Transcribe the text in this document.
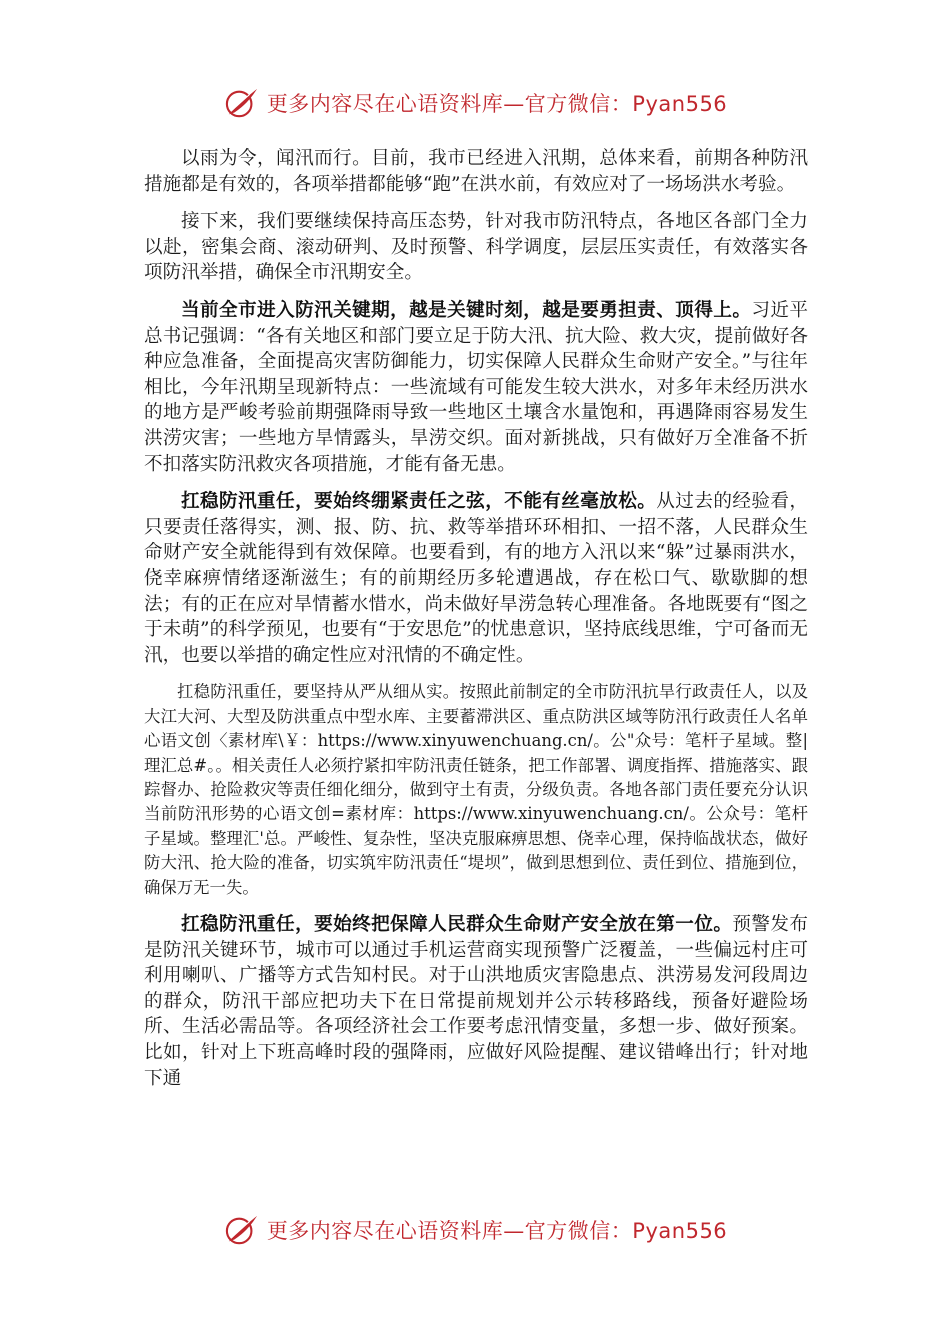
更多内容尽在心语资料库—官方微信：Pyan556

以雨为令，闻汛而行。目前，我市已经进入汛期，总体来看，前期各种防汛措施都是有效的，各项举措都能够“跑”在洪水前，有效应对了一场场洪水考验。

接下来，我们要继续保持高压态势，针对我市防汛特点，各地区各部门全力以赴，密集会商、滚动研判、及时预警、科学调度，层层压实责任，有效落实各项防汛举措，确保全市汛期安全。

当前全市进入防汛关键期，越是关键时刻，越是要勇担责、顶得上。习近平总书记强调：“各有关地区和部门要立足于防大汛、抗大险、救大灾，提前做好各种应急准备，全面提高灾害防御能力，切实保障人民群众生命财产安全。”与往年相比，今年汛期呈现新特点：一些流域有可能发生较大洪水，对多年未经历洪水的地方是严峻考验前期强降雨导致一些地区土壤含水量饱和，再遇降雨容易发生洪涝灾害；一些地方旱情露头，旱涝交织。面对新挑战，只有做好万全准备不折不扣落实防汛救灾各项措施，才能有备无患。

扛稳防汛重任，要始终绷紧责任之弦，不能有丝毫放松。从过去的经验看，只要责任落得实，测、报、防、抗、救等举措环环相扣、一招不落，人民群众生命财产安全就能得到有效保障。也要看到，有的地方入汛以来“躲”过暴雨洪水，侥幸麻痹情绪逐渐滋生；有的前期经历多轮遭遇战，存在松口气、歇歇脚的想法；有的正在应对旱情蓄水惜水，尚未做好旱涝急转心理准备。各地既要有“图之于未萌”的科学预见，也要有“于安思危”的忧患意识，坚持底线思维，宁可备而无汛，也要以举措的确定性应对汛情的不确定性。

扛稳防汛重任，要坚持从严从细从实。按照此前制定的全市防汛抗旱行政责任人，以及大江大河、大型及防洪重点中型水库、主要蓄滞洪区、重点防洪区域等防汛行政责任人名单心语文创〈素材库\￥：https://www.xinyuwenchuang.cn/。公"众号：笔杆子星域。整|理汇总#。。相关责任人必须拧紧扣牢防汛责任链条，把工作部署、调度指挥、措施落实、跟踪督办、抢险救灾等责任细化细分，做到守土有责，分级负责。各地各部门责任要充分认识当前防汛形势的心语文创=素材库：https://www.xinyuwenchuang.cn/。公众号：笔杆子星域。整理汇'总。严峻性、复杂性，坚决克服麻痹思想、侥幸心理，保持临战状态，做好防大汛、抢大险的准备，切实筑牢防汛责任“堤坝”，做到思想到位、责任到位、措施到位，确保万无一失。

扛稳防汛重任，要始终把保障人民群众生命财产安全放在第一位。预警发布是防汛关键环节，城市可以通过手机运营商实现预警广泛覆盖，一些偏远村庄可利用喇叭、广播等方式告知村民。对于山洪地质灾害隐患点、洪涝易发河段周边的群众，防汛干部应把功夫下在日常提前规划并公示转移路线，预备好避险场所、生活必需品等。各项经济社会工作要考虑汛情变量，多想一步、做好预案。比如，针对上下班高峰时段的强降雨，应做好风险提醒、建议错峰出行；针对地下通

更多内容尽在心语资料库—官方微信：Pyan556
